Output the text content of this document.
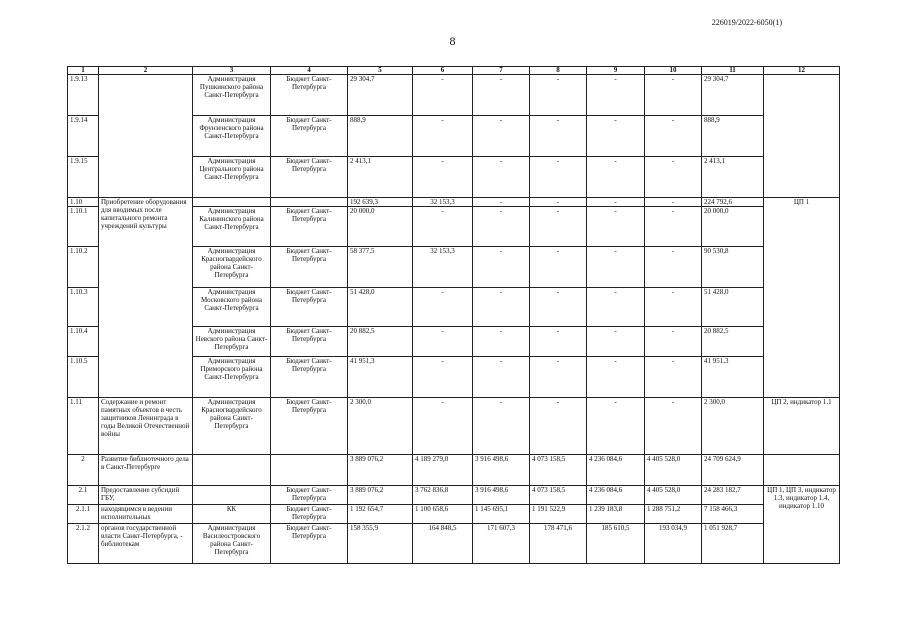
226019/2022-6050(1)
8
1	2	3	4	5	6	7	8	9	10	11	12
1.9.13		Администрация Пушкинского района Санкт-Петербурга	Бюджет Санкт-Петербурга	29 304,7	-	-	-	-	-	29 304,7	
1.9.14		Администрация Фрунзенского района Санкт-Петербурга	Бюджет Санкт-Петербурга	888,9	-	-	-	-	-	888,9	
1.9.15		Администрация Центрального района Санкт-Петербурга	Бюджет Санкт-Петербурга	2 413,1	-	-	-	-	-	2 413,1	
1.10	Приобретение оборудования для вводимых после капитального ремонта учреждений культуры			192 639,3	32 153,3	-	-	-	-	224 792,6	ЦП 1
1.10.1		Администрация Калининского района Санкт-Петербурга	Бюджет Санкт-Петербурга	20 000,0	-	-	-	-	-	20 000,0	
1.10.2		Администрация Красногвардейского района Санкт-Петербурга	Бюджет Санкт-Петербурга	58 377,5	32 153,3	-	-	-	-	90 530,8	
1.10.3		Администрация Московского района Санкт-Петербурга	Бюджет Санкт-Петербурга	51 428,0	-	-	-	-	-	51 428,0	
1.10.4		Администрация Невского района Санкт-Петербурга	Бюджет Санкт-Петербурга	20 882,5	-	-	-	-	-	20 882,5	
1.10.5		Администрация Приморского района Санкт-Петербурга	Бюджет Санкт-Петербурга	41 951,3	-	-	-	-	-	41 951,3	
1.11	Содержание и ремонт памятных объектов в честь защитников Ленинграда в годы Великой Отечественной войны	Администрация Красногвардейского района Санкт-Петербурга	Бюджет Санкт-Петербурга	2 300,0	-	-	-	-	-	2 300,0	ЦП 2, индикатор 1.1
2	Развитие библиотечного дела в Санкт-Петербурге			3 889 076,2	4 189 279,0	3 916 498,6	4 073 158,5	4 236 084,6	4 405 528,0	24 709 624,9	
2.1	Предоставление субсидий ГБУ,		Бюджет Санкт-Петербурга	3 889 076,2	3 762 836,8	3 916 498,6	4 073 158,5	4 236 084,6	4 405 528,0	24 283 182,7	ЦП 1, ЦП 3, индикатор 1.3, индикатор 1.4, индикатор 1.10
2.1.1	находящимся в ведении исполнительных	КК	Бюджет Санкт-Петербурга	1 192 654,7	1 100 658,6	1 145 695,1	1 191 522,9	1 239 183,8	1 288 751,2	7 158 466,3	
2.1.2	органов государственной власти Санкт-Петербурга, - библиотекам	Администрация Василеостровского района Санкт-Петербурга	Бюджет Санкт-Петербурга	158 355,9	164 848,5	171 607,3	178 471,6	185 610,5	193 034,9	1 051 928,7	
